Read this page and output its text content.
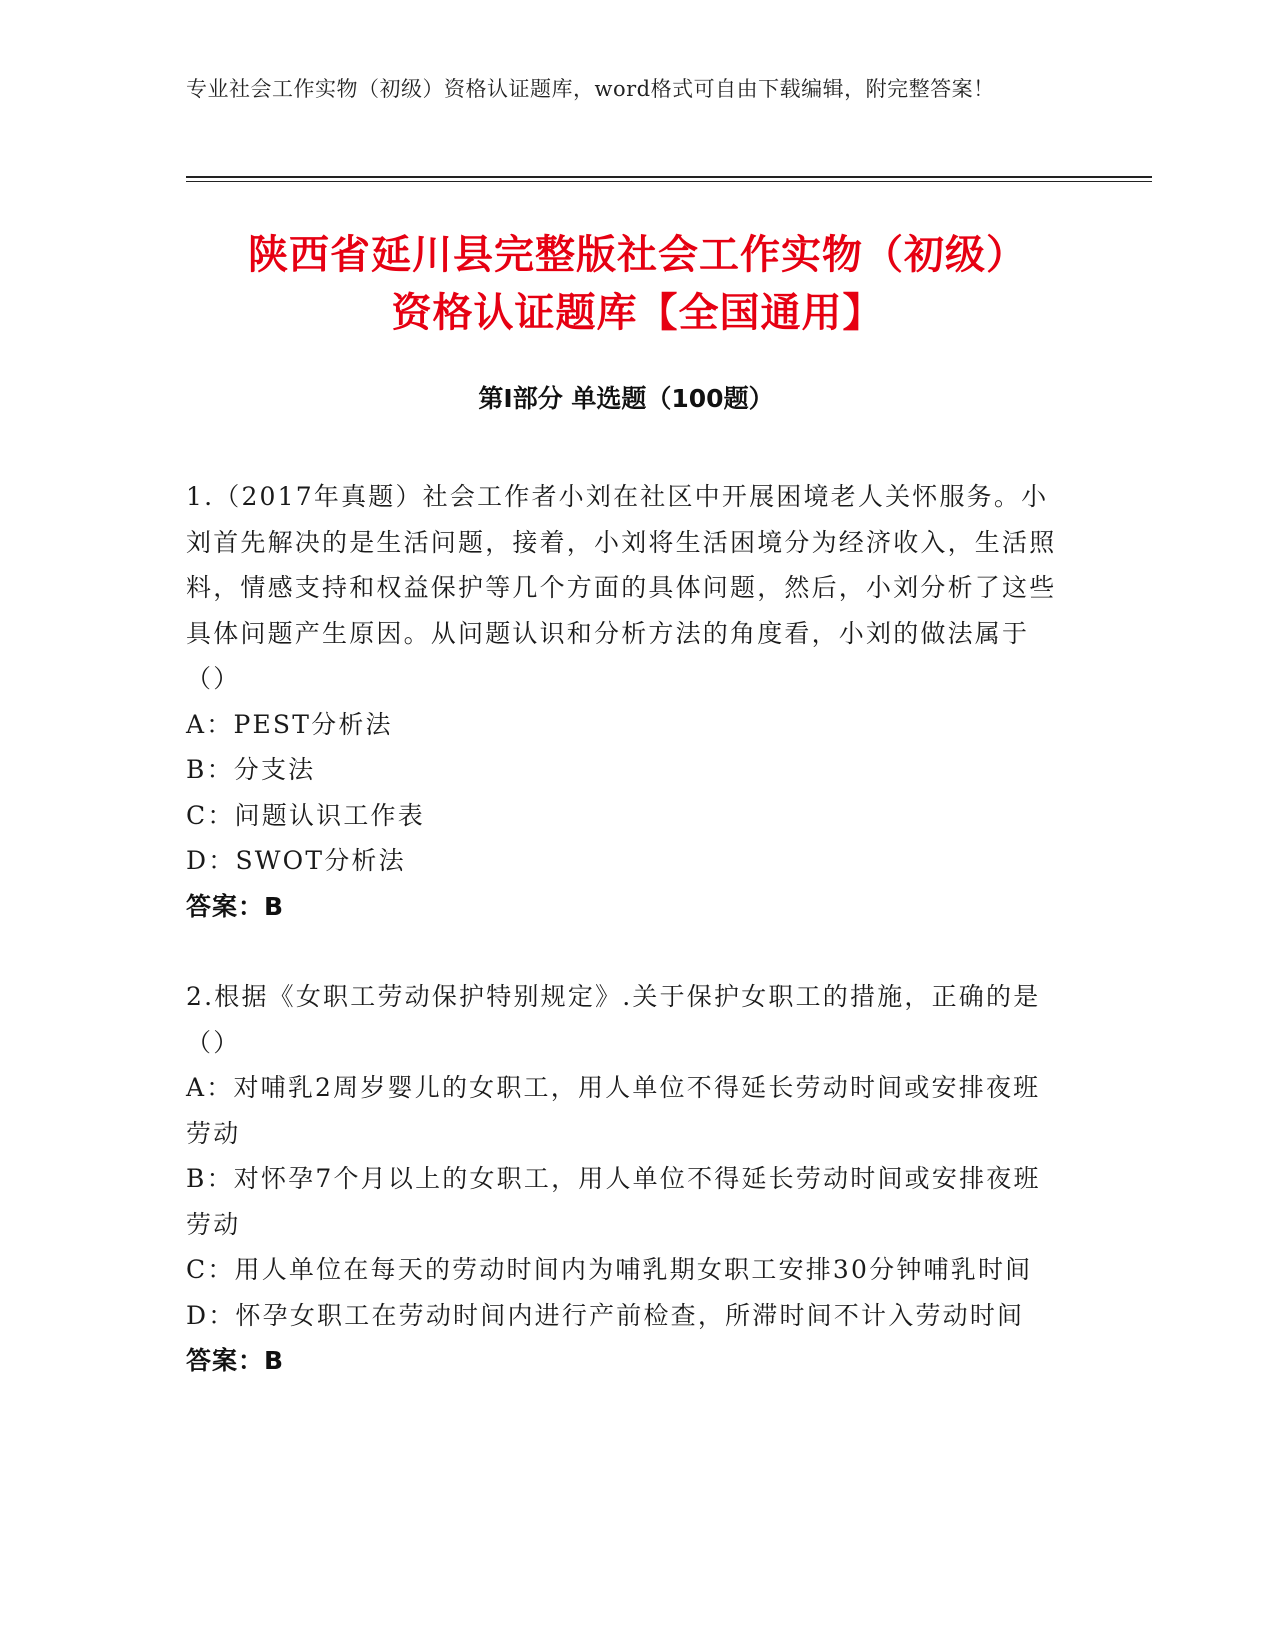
专业社会工作实物（初级）资格认证题库，word格式可自由下载编辑，附完整答案！
陕西省延川县完整版社会工作实物（初级）
资格认证题库【全国通用】
第I部分 单选题（100题）
1.（2017年真题）社会工作者小刘在社区中开展困境老人关怀服务。小刘首先解决的是生活问题，接着，小刘将生活困境分为经济收入，生活照料，情感支持和权益保护等几个方面的具体问题，然后，小刘分析了这些具体问题产生原因。从问题认识和分析方法的角度看，小刘的做法属于（）
A：PEST分析法
B：分支法
C：问题认识工作表
D：SWOT分析法
答案：B
2.根据《女职工劳动保护特别规定》.关于保护女职工的措施，正确的是（）
A：对哺乳2周岁婴儿的女职工，用人单位不得延长劳动时间或安排夜班劳动
B：对怀孕7个月以上的女职工，用人单位不得延长劳动时间或安排夜班劳动
C：用人单位在每天的劳动时间内为哺乳期女职工安排30分钟哺乳时间
D：怀孕女职工在劳动时间内进行产前检查，所滞时间不计入劳动时间
答案：B
